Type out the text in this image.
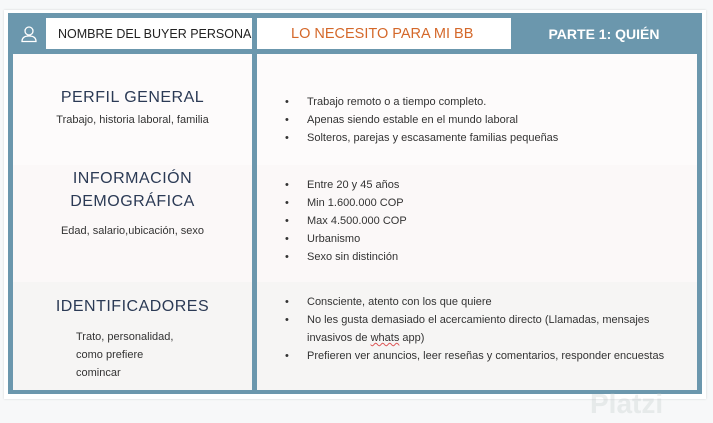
NOMBRE DEL BUYER PERSONA	LO NECESITO PARA MI BB	PARTE 1: QUIÉN
PERFIL GENERAL
Trabajo, historia laboral, familia
INFORMACIÓN
DEMOGRÁFICA
Edad, salario,ubicación, sexo
IDENTIFICADORES
Trato, personalidad,
como prefiere
comincar
• Trabajo remoto o a tiempo completo.
• Apenas siendo estable en el mundo laboral
• Solteros, parejas y escasamente familias pequeñas
• Entre 20 y 45 años
• Min 1.600.000 COP
• Max 4.500.000 COP
• Urbanismo
• Sexo sin distinción
• Consciente, atento con los que quiere
• No les gusta demasiado el acercamiento directo (Llamadas, mensajes invasivos de whats app)
• Prefieren ver anuncios, leer reseñas y comentarios, responder encuestas
Platzi
